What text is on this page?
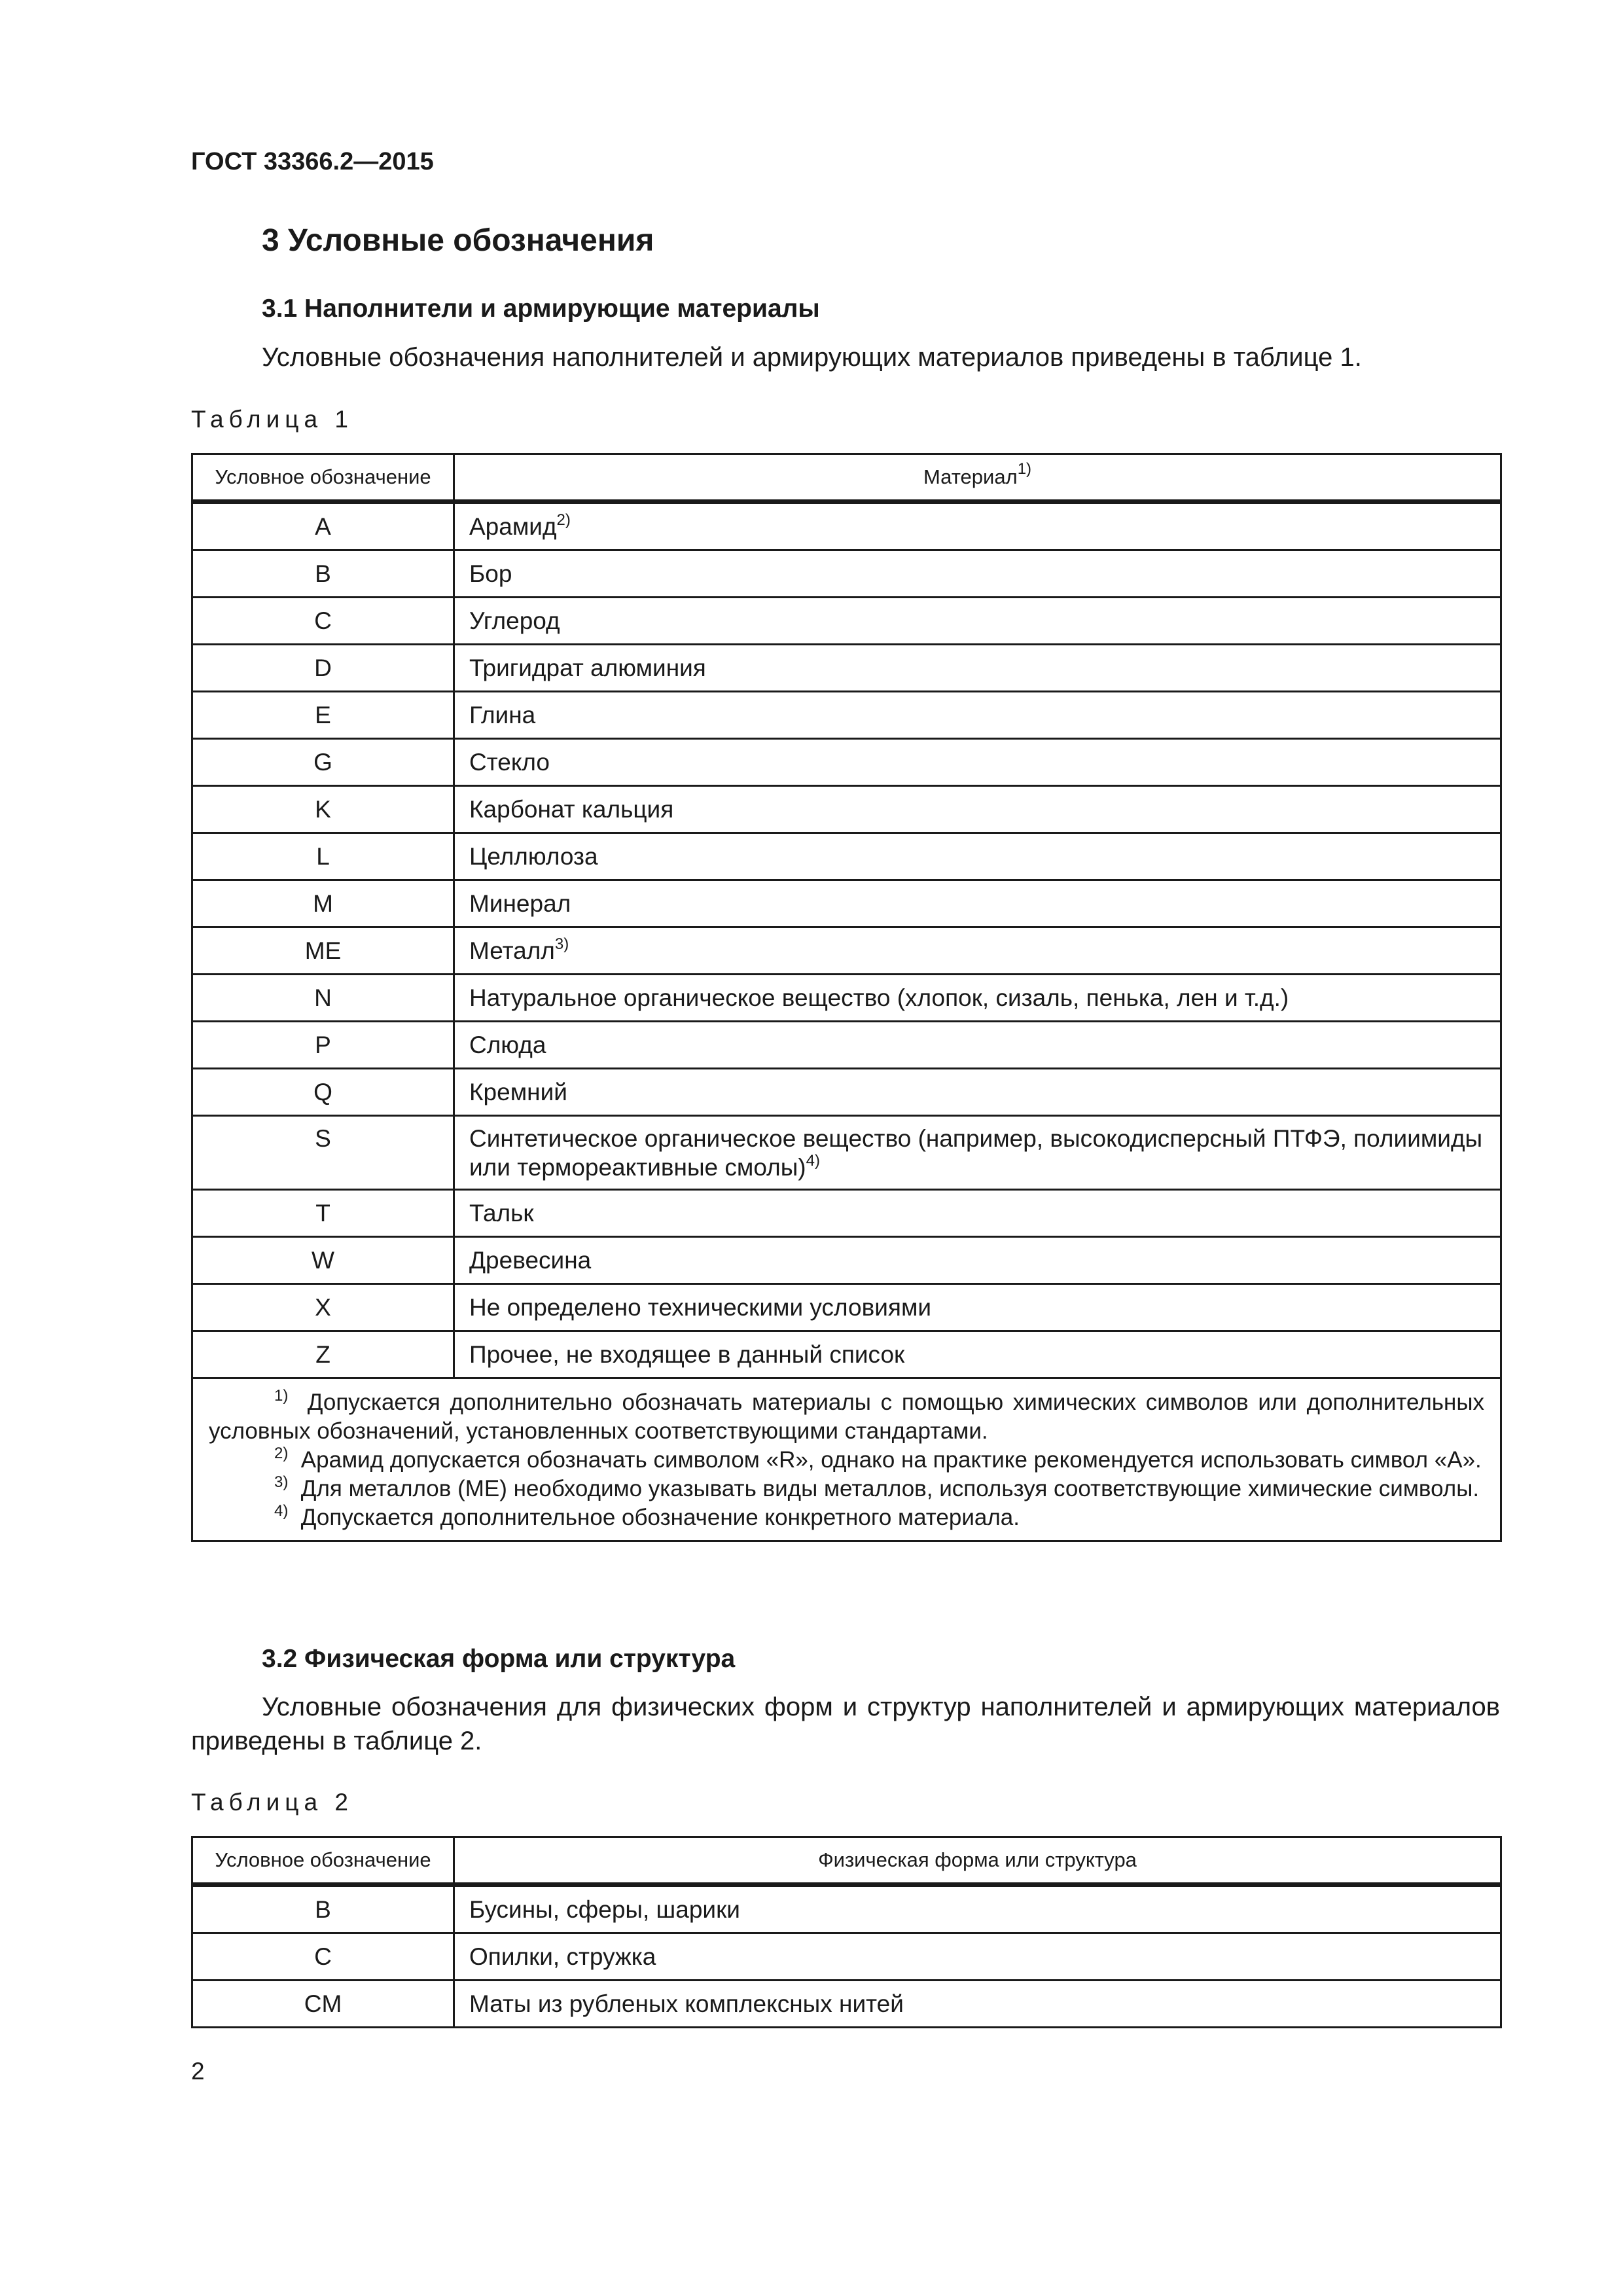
ГОСТ 33366.2—2015
3 Условные обозначения
3.1 Наполнители и армирующие материалы
Условные обозначения наполнителей и армирующих материалов приведены в таблице 1.
Таблица 1
Условное обозначение	Материал$^{1)}$
A	Арамид$^{2)}$
B	Бор
C	Углерод
D	Тригидрат алюминия
E	Глина
G	Стекло
K	Карбонат кальция
L	Целлюлоза
M	Минерал
ME	Металл$^{3)}$
N	Натуральное органическое вещество (хлопок, сизаль, пенька, лен и т.д.)
P	Слюда
Q	Кремний
S	Синтетическое органическое вещество (например, высокодисперсный ПТФЭ, полиимиды или термореактивные смолы)$^{4)}$
T	Тальк
W	Древесина
X	Не определено техническими условиями
Z	Прочее, не входящее в данный список

$^{1)}$ Допускается дополнительно обозначать материалы с помощью химических символов или дополнительных условных обозначений, установленных соответствующими стандартами.

$^{2)}$ Арамид допускается обозначать символом «R», однако на практике рекомендуется использовать символ «А».

$^{3)}$ Для металлов (ME) необходимо указывать виды металлов, используя соответствующие химические символы.

$^{4)}$ Допускается дополнительное обозначение конкретного материала.	

3.2 Физическая форма или структура
Условные обозначения для физических форм и структур наполнителей и армирующих материалов приведены в таблице 2.
Таблица 2
Условное обозначение	Физическая форма или структура
B	Бусины, сферы, шарики
C	Опилки, стружка
CM	Маты из рубленых комплексных нитей
2
